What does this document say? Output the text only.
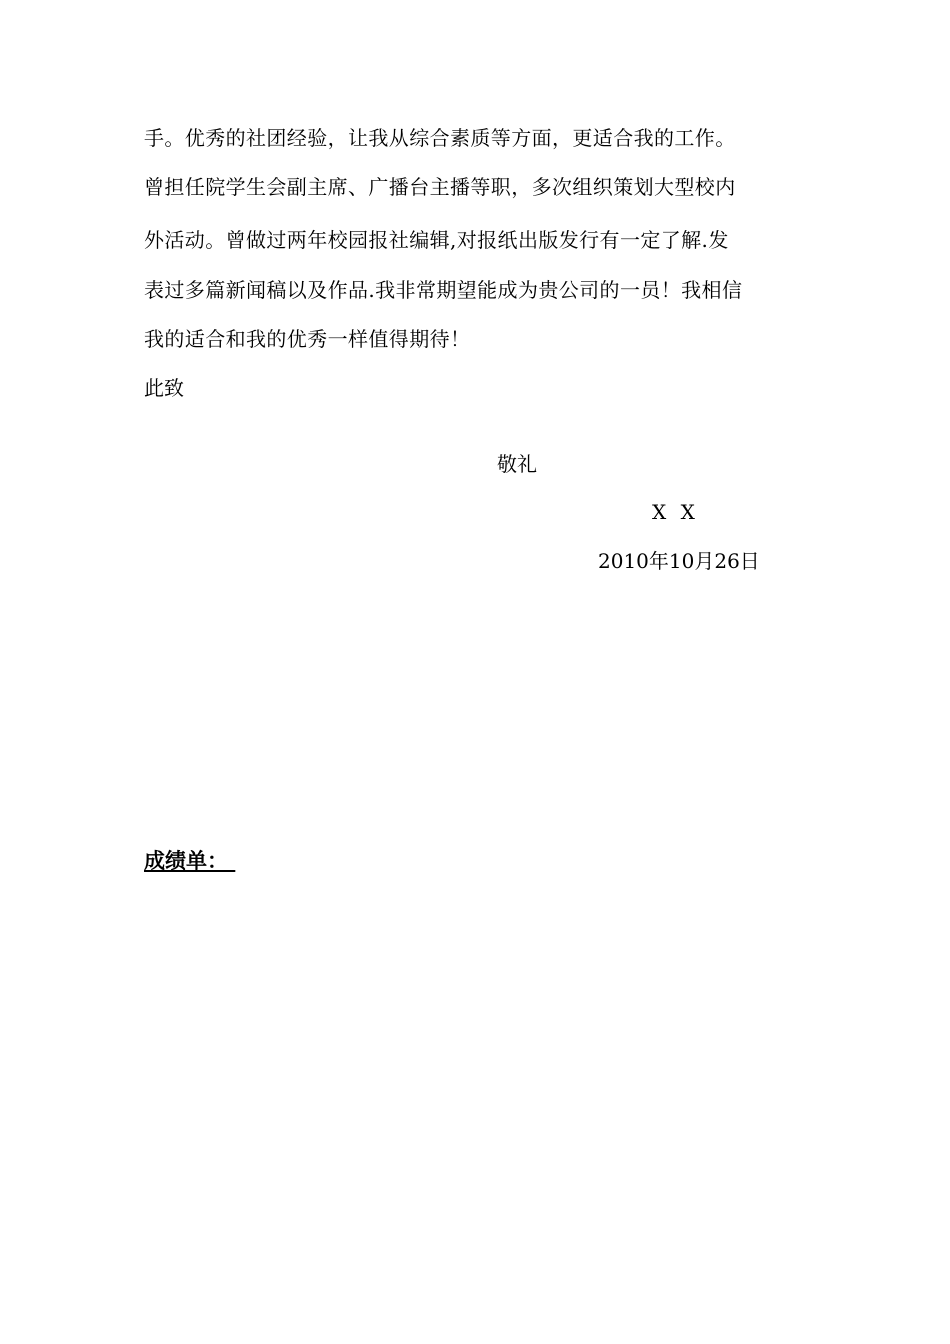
手。优秀的社团经验，让我从综合素质等方面，更适合我的工作。
曾担任院学生会副主席、广播台主播等职，多次组织策划大型校内
外活动。曾做过两年校园报社编辑,对报纸出版发行有一定了解.发
表过多篇新闻稿以及作品.我非常期望能成为贵公司的一员！我相信
我的适合和我的优秀一样值得期待！
此致
敬礼
X X
2010年10月26日
成绩单：
